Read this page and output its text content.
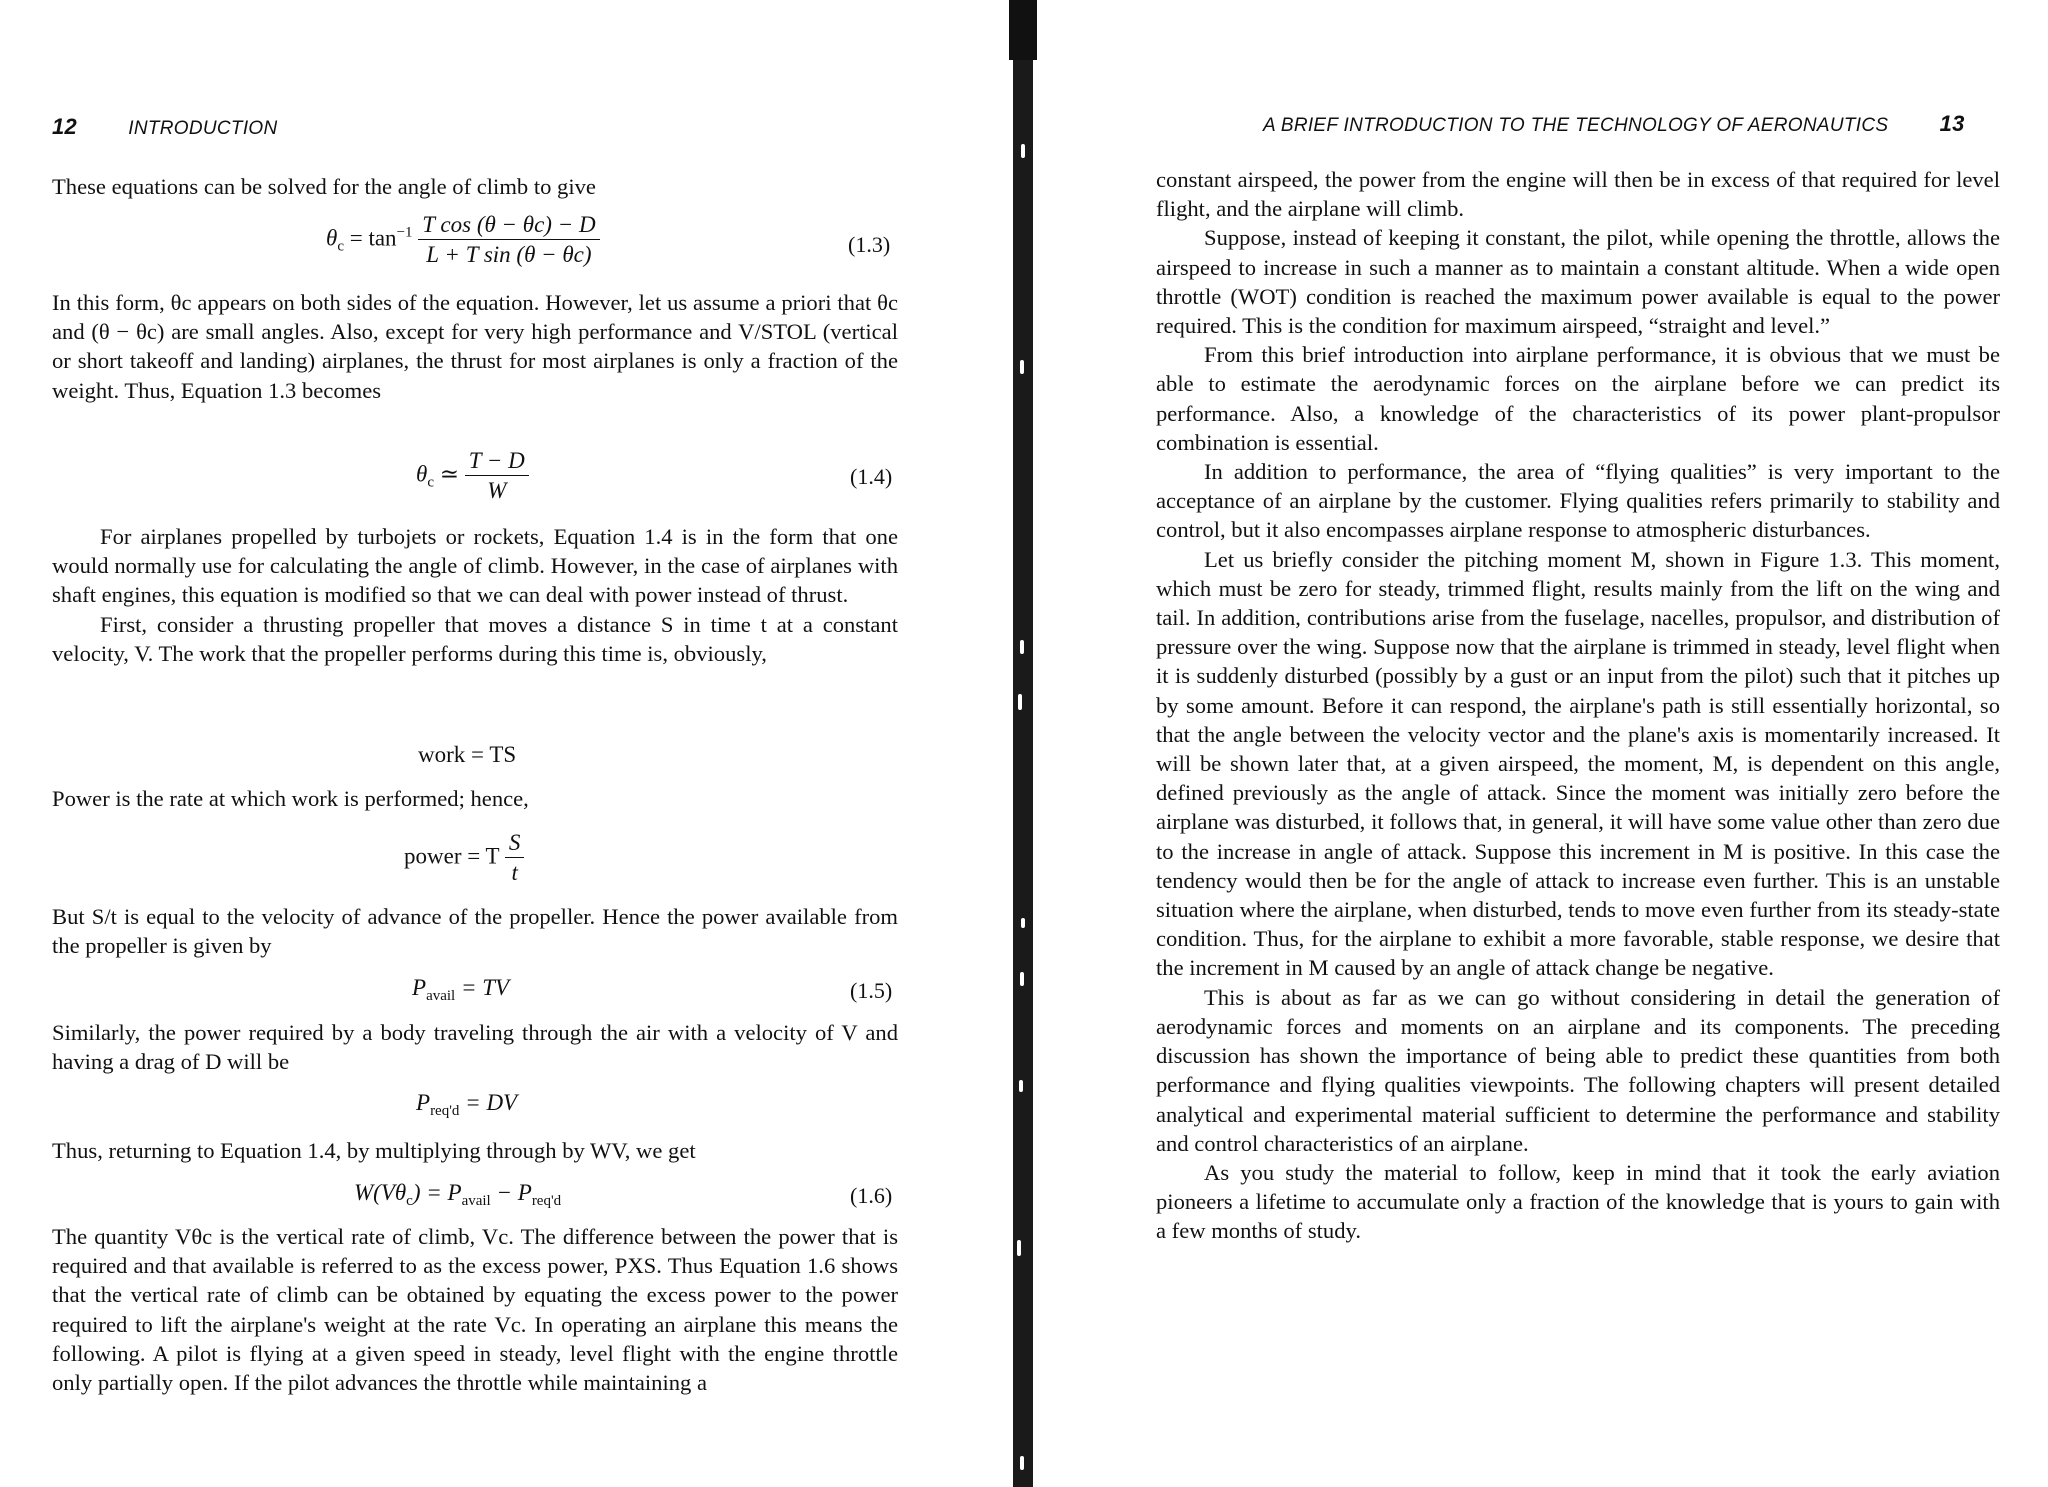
12	INTRODUCTION

These equations can be solved for the angle of climb to give

$\theta_c = \tan^{-1} \frac{\text{T cos (θ − θc) − D}}{\text{L + T sin (θ − θc)}}$	(1.3)

In this form, θc appears on both sides of the equation. However, let us assume a priori that θc and (θ − θc) are small angles. Also, except for very high performance and V/STOL (vertical or short takeoff and landing) airplanes, the thrust for most airplanes is only a fraction of the weight. Thus, Equation 1.3 becomes

$\theta_c$ ≃ $\frac{T - D}{W}$	(1.4)

For airplanes propelled by turbojets or rockets, Equation 1.4 is in the form that one would normally use for calculating the angle of climb. However, in the case of airplanes with shaft engines, this equation is modified so that we can deal with power instead of thrust.

First, consider a thrusting propeller that moves a distance S in time t at a constant velocity, V. The work that the propeller performs during this time is, obviously,

work = TS

Power is the rate at which work is performed; hence,

power = T $\frac{S}{t}$

But S/t is equal to the velocity of advance of the propeller. Hence the power available from the propeller is given by

$P_{avail}$ = TV	(1.5)

Similarly, the power required by a body traveling through the air with a velocity of V and having a drag of D will be

$P_{req'd}$ = DV

Thus, returning to Equation 1.4, by multiplying through by WV, we get

$W(V\theta_c) = P_{avail} - P_{req'd}$	(1.6)

The quantity Vθc is the vertical rate of climb, Vc. The difference between the power that is required and that available is referred to as the excess power, PXS. Thus Equation 1.6 shows that the vertical rate of climb can be obtained by equating the excess power to the power required to lift the airplane's weight at the rate Vc. In operating an airplane this means the following. A pilot is flying at a given speed in steady, level flight with the engine throttle only partially open. If the pilot advances the throttle while maintaining a

A BRIEF INTRODUCTION TO THE TECHNOLOGY OF AERONAUTICS 13

constant airspeed, the power from the engine will then be in excess of that required for level flight, and the airplane will climb.

Suppose, instead of keeping it constant, the pilot, while opening the throttle, allows the airspeed to increase in such a manner as to maintain a constant altitude. When a wide open throttle (WOT) condition is reached the maximum power available is equal to the power required. This is the condition for maximum airspeed, “straight and level.”

From this brief introduction into airplane performance, it is obvious that we must be able to estimate the aerodynamic forces on the airplane before we can predict its performance. Also, a knowledge of the characteristics of its power plant-propulsor combination is essential.

In addition to performance, the area of “flying qualities” is very important to the acceptance of an airplane by the customer. Flying qualities refers primarily to stability and control, but it also encompasses airplane response to atmospheric disturbances.

Let us briefly consider the pitching moment M, shown in Figure 1.3. This moment, which must be zero for steady, trimmed flight, results mainly from the lift on the wing and tail. In addition, contributions arise from the fuselage, nacelles, propulsor, and distribution of pressure over the wing. Suppose now that the airplane is trimmed in steady, level flight when it is suddenly disturbed (possibly by a gust or an input from the pilot) such that it pitches up by some amount. Before it can respond, the airplane's path is still essentially horizontal, so that the angle between the velocity vector and the plane's axis is momentarily increased. It will be shown later that, at a given airspeed, the moment, M, is dependent on this angle, defined previously as the angle of attack. Since the moment was initially zero before the airplane was disturbed, it follows that, in general, it will have some value other than zero due to the increase in angle of attack. Suppose this increment in M is positive. In this case the tendency would then be for the angle of attack to increase even further. This is an unstable situation where the airplane, when disturbed, tends to move even further from its steady-state condition. Thus, for the airplane to exhibit a more favorable, stable response, we desire that the increment in M caused by an angle of attack change be negative.

This is about as far as we can go without considering in detail the generation of aerodynamic forces and moments on an airplane and its components. The preceding discussion has shown the importance of being able to predict these quantities from both performance and flying qualities viewpoints. The following chapters will present detailed analytical and experimental material sufficient to determine the performance and stability and control characteristics of an airplane.

As you study the material to follow, keep in mind that it took the early aviation pioneers a lifetime to accumulate only a fraction of the knowledge that is yours to gain with a few months of study.
